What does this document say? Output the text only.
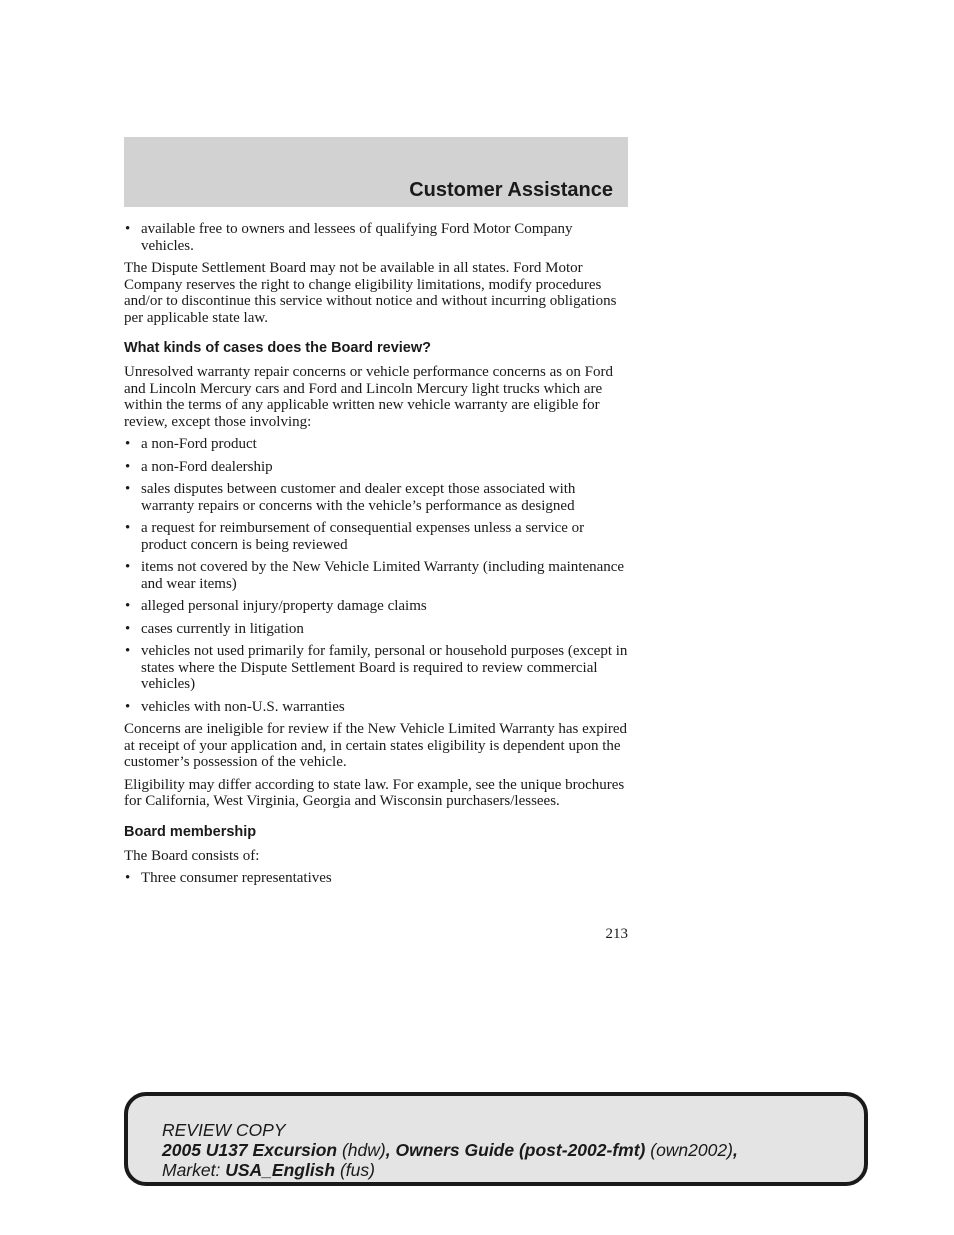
Customer Assistance
• available free to owners and lessees of qualifying Ford Motor Company vehicles.

The Dispute Settlement Board may not be available in all states. Ford Motor Company reserves the right to change eligibility limitations, modify procedures and/or to discontinue this service without notice and without incurring obligations per applicable state law.

What kinds of cases does the Board review?

Unresolved warranty repair concerns or vehicle performance concerns as on Ford and Lincoln Mercury cars and Ford and Lincoln Mercury light trucks which are within the terms of any applicable written new vehicle warranty are eligible for review, except those involving:

• a non-Ford product
• a non-Ford dealership
• sales disputes between customer and dealer except those associated with warranty repairs or concerns with the vehicle’s performance as designed
• a request for reimbursement of consequential expenses unless a service or product concern is being reviewed
• items not covered by the New Vehicle Limited Warranty (including maintenance and wear items)
• alleged personal injury/property damage claims
• cases currently in litigation
• vehicles not used primarily for family, personal or household purposes (except in states where the Dispute Settlement Board is required to review commercial vehicles)
• vehicles with non-U.S. warranties

Concerns are ineligible for review if the New Vehicle Limited Warranty has expired at receipt of your application and, in certain states eligibility is dependent upon the customer’s possession of the vehicle.

Eligibility may differ according to state law. For example, see the unique brochures for California, West Virginia, Georgia and Wisconsin purchasers/lessees.

Board membership

The Board consists of:

• Three consumer representatives
213
REVIEW COPY
2005 U137 Excursion (hdw), Owners Guide (post-2002-fmt) (own2002),
Market: USA_English (fus)
